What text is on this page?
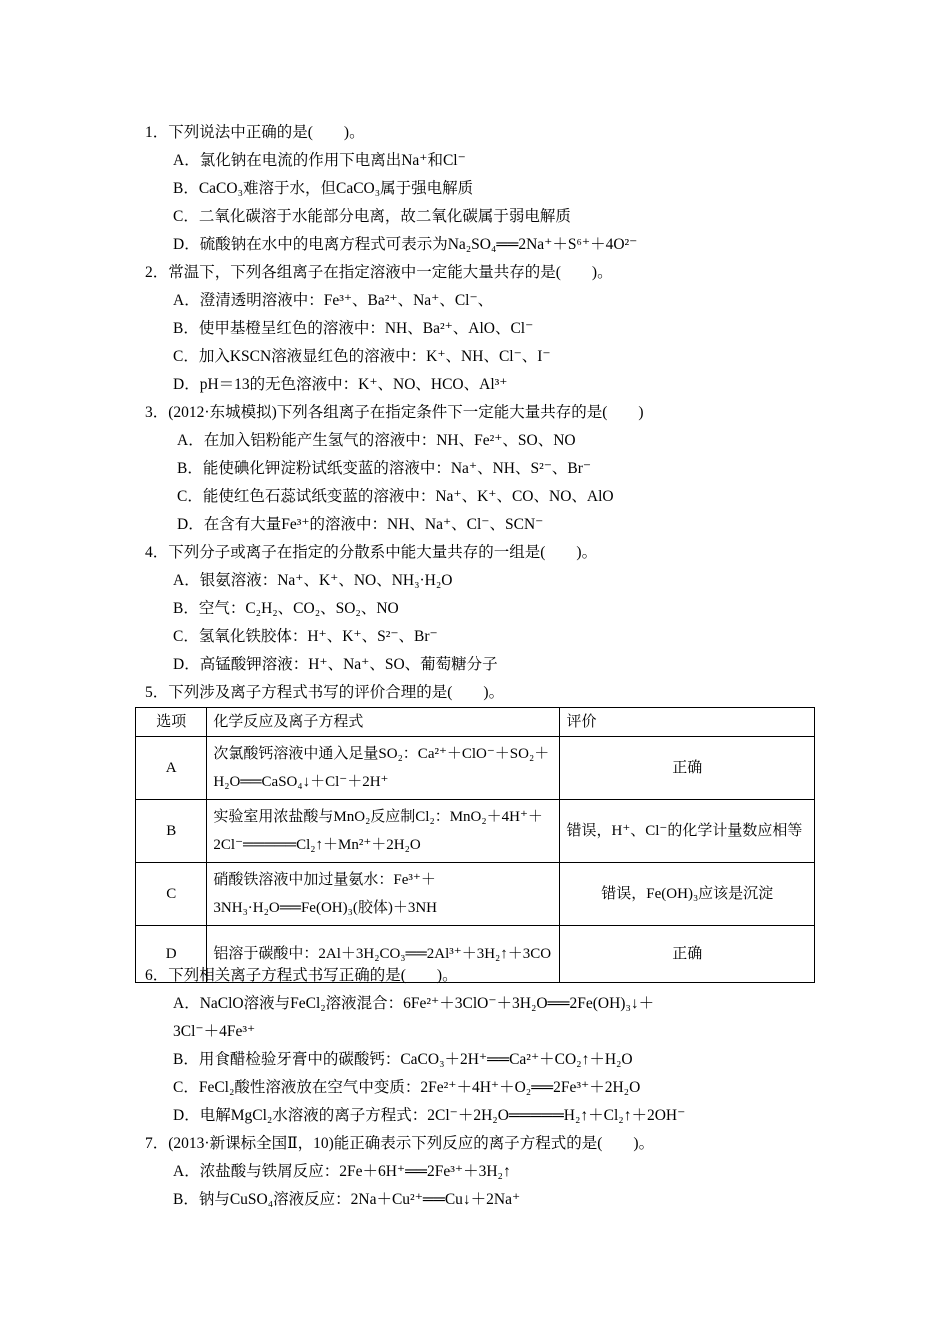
1．下列说法中正确的是(　　)。
A．氯化钠在电流的作用下电离出Na⁺和Cl⁻
B．CaCO₃难溶于水，但CaCO₃属于强电解质
C．二氧化碳溶于水能部分电离，故二氧化碳属于弱电解质
D．硫酸钠在水中的电离方程式可表示为Na₂SO₄══2Na⁺＋S⁶⁺＋4O²⁻
2．常温下，下列各组离子在指定溶液中一定能大量共存的是(　　)。
A．澄清透明溶液中：Fe³⁺、Ba²⁺、Na⁺、Cl⁻、
B．使甲基橙呈红色的溶液中：NH、Ba²⁺、AlO、Cl⁻
C．加入KSCN溶液显红色的溶液中：K⁺、NH、Cl⁻、I⁻
D．pH＝13的无色溶液中：K⁺、NO、HCO、Al³⁺
3．(2012·东城模拟)下列各组离子在指定条件下一定能大量共存的是(　　)
A．在加入铝粉能产生氢气的溶液中：NH、Fe²⁺、SO、NO
B．能使碘化钾淀粉试纸变蓝的溶液中：Na⁺、NH、S²⁻、Br⁻
C．能使红色石蕊试纸变蓝的溶液中：Na⁺、K⁺、CO、NO、AlO
D．在含有大量Fe³⁺的溶液中：NH、Na⁺、Cl⁻、SCN⁻
4．下列分子或离子在指定的分散系中能大量共存的一组是(　　)。
A．银氨溶液：Na⁺、K⁺、NO、NH₃·H₂O
B．空气：C₂H₂、CO₂、SO₂、NO
C．氢氧化铁胶体：H⁺、K⁺、S²⁻、Br⁻
D．高锰酸钾溶液：H⁺、Na⁺、SO、葡萄糖分子
5．下列涉及离子方程式书写的评价合理的是(　　)。
选项	化学反应及离子方程式	评价
A	次氯酸钙溶液中通入足量SO₂：Ca²⁺＋ClO⁻＋SO₂＋H₂O══CaSO₄↓＋Cl⁻＋2H⁺	正确
B	实验室用浓盐酸与MnO₂反应制Cl₂：MnO₂＋4H⁺＋2Cl⁻═════Cl₂↑＋Mn²⁺＋2H₂O	错误，H⁺、Cl⁻的化学计量数应相等
C	硝酸铁溶液中加过量氨水：Fe³⁺＋3NH₃·H₂O══Fe(OH)₃(胶体)＋3NH	错误，Fe(OH)₃应该是沉淀
D	铝溶于碳酸中：2Al＋3H₂CO₃══2Al³⁺＋3H₂↑＋3CO	正确
6．下列相关离子方程式书写正确的是(　　)。
A．NaClO溶液与FeCl₂溶液混合：6Fe²⁺＋3ClO⁻＋3H₂O══2Fe(OH)₃↓＋
3Cl⁻＋4Fe³⁺
B．用食醋检验牙膏中的碳酸钙：CaCO₃＋2H⁺══Ca²⁺＋CO₂↑＋H₂O
C．FeCl₂酸性溶液放在空气中变质：2Fe²⁺＋4H⁺＋O₂══2Fe³⁺＋2H₂O
D．电解MgCl₂水溶液的离子方程式：2Cl⁻＋2H₂O═════H₂↑＋Cl₂↑＋2OH⁻
7．(2013·新课标全国Ⅱ，10)能正确表示下列反应的离子方程式的是(　　)。
A．浓盐酸与铁屑反应：2Fe＋6H⁺══2Fe³⁺＋3H₂↑
B．钠与CuSO₄溶液反应：2Na＋Cu²⁺══Cu↓＋2Na⁺
